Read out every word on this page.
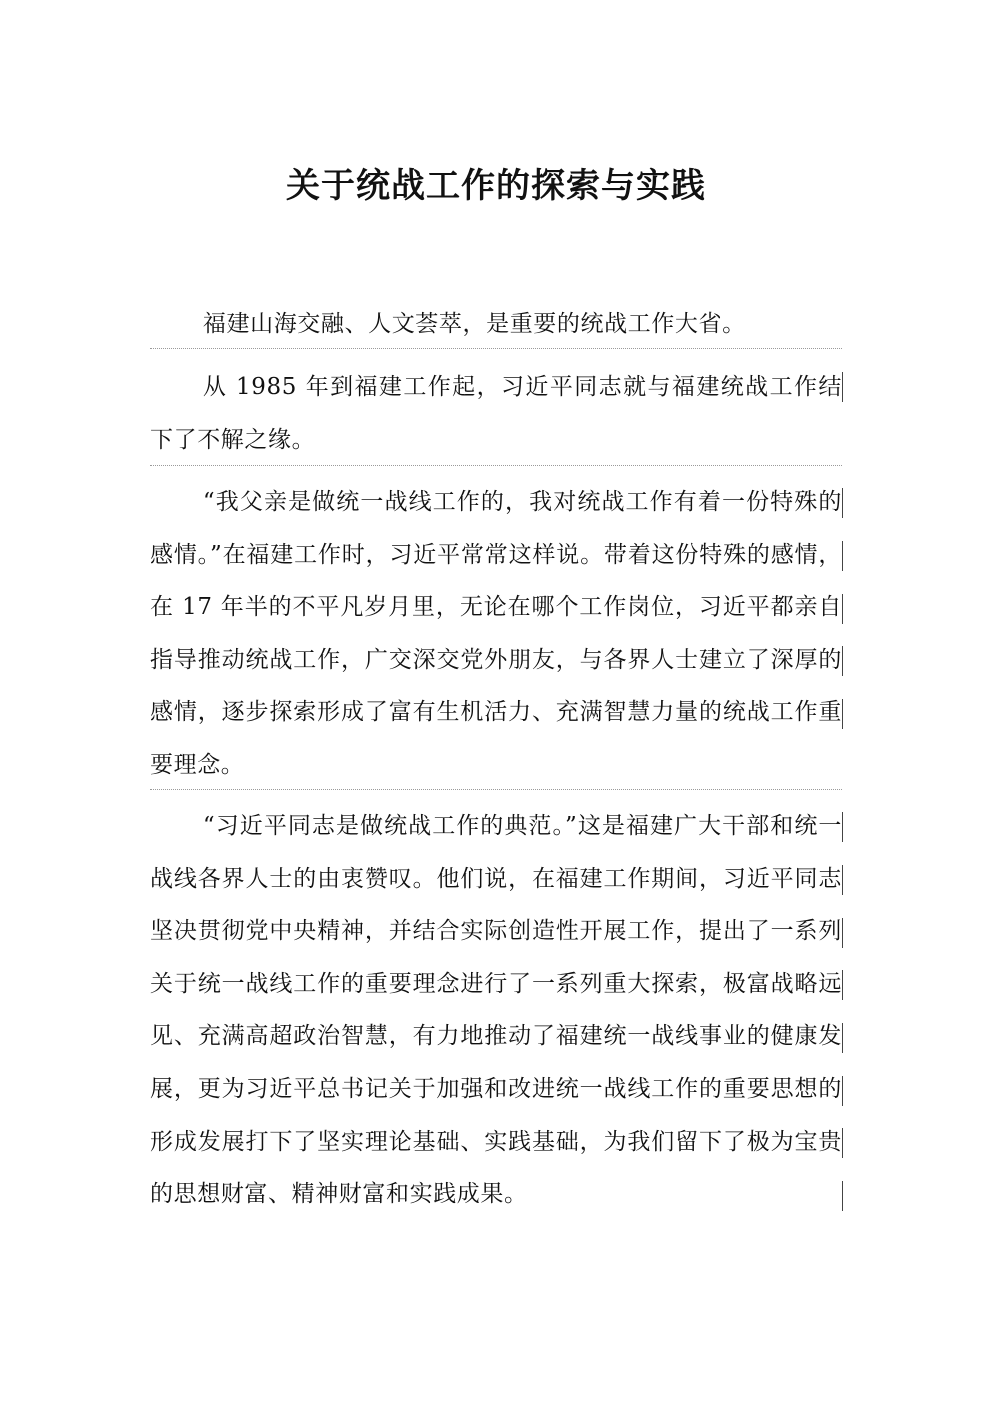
关于统战工作的探索与实践

福建山海交融、人文荟萃，是重要的统战工作大省。

从 1985 年到福建工作起，习近平同志就与福建统战工作结下了不解之缘。

“我父亲是做统一战线工作的，我对统战工作有着一份特殊的感情。”在福建工作时，习近平常常这样说。带着这份特殊的感情，在 17 年半的不平凡岁月里，无论在哪个工作岗位，习近平都亲自指导推动统战工作，广交深交党外朋友，与各界人士建立了深厚的感情，逐步探索形成了富有生机活力、充满智慧力量的统战工作重要理念。

“习近平同志是做统战工作的典范。”这是福建广大干部和统一战线各界人士的由衷赞叹。他们说，在福建工作期间，习近平同志坚决贯彻党中央精神，并结合实际创造性开展工作，提出了一系列关于统一战线工作的重要理念进行了一系列重大探索，极富战略远见、充满高超政治智慧，有力地推动了福建统一战线事业的健康发展，更为习近平总书记关于加强和改进统一战线工作的重要思想的形成发展打下了坚实理论基础、实践基础，为我们留下了极为宝贵的思想财富、精神财富和实践成果。
